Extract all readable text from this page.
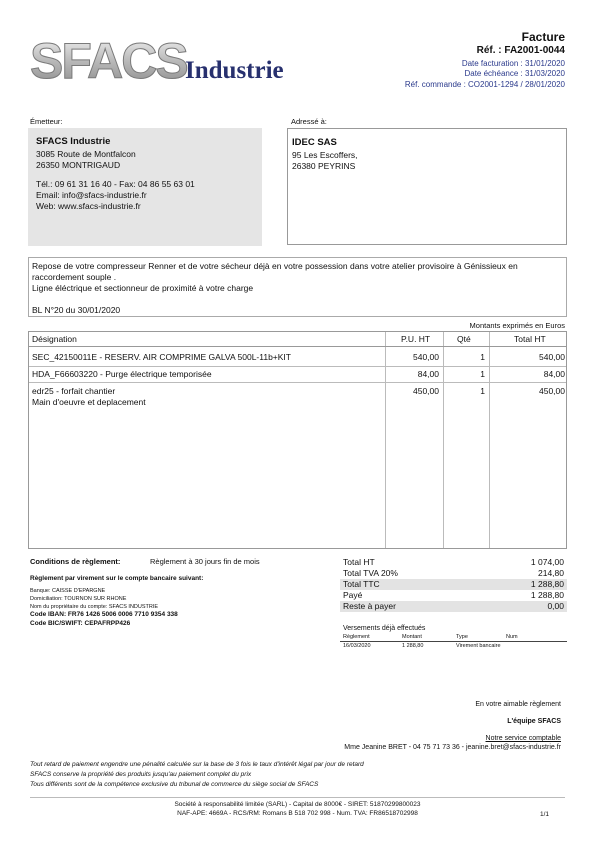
SFACS
Industrie
Facture
Réf. : FA2001-0044
Date facturation : 31/01/2020
Date échéance : 31/03/2020
Réf. commande : CO2001-1294 / 28/01/2020
Émetteur:
SFACS Industrie
3085 Route de Montfalcon
26350 MONTRIGAUD
Tél.: 09 61 31 16 40 - Fax: 04 86 55 63 01
Email: info@sfacs-industrie.fr
Web: www.sfacs-industrie.fr
Adressé à:
IDEC SAS
95 Les Escoffers,
26380 PEYRINS
Repose de votre compresseur Renner et de votre sécheur déjà en votre possession dans votre atelier provisoire à Génissieux en
raccordement souple .
Ligne éléctrique et sectionneur de proximité à votre charge
BL N°20 du 30/01/2020
Montants exprimés en Euros
Désignation	P.U. HT	Qté	Total HT
SEC_42150011E - RESERV. AIR COMPRIME GALVA 500L-11b+KIT	540,00	1	540,00
HDA_F66603220 - Purge électrique temporisée	84,00	1	84,00
edr25 - forfait chantier
Main d'oeuvre et deplacement
450,00	1	450,00
Conditions de règlement:	Règlement à 30 jours fin de mois
Règlement par virement sur le compte bancaire suivant:
Banque: CAISSE D'EPARGNE
Domiciliation: TOURNON SUR RHONE
Nom du propriétaire du compte: SFACS INDUSTRIE
Code IBAN: FR76 1426 5006 0006 7710 9354 338
Code BIC/SWIFT: CEPAFRPP426
Total HT	1 074,00
Total TVA 20%	214,80
Total TTC	1 288,80
Payé	1 288,80
Reste à payer	0,00
Versements déjà effectués
Règlement	Montant	Type	Num
16/03/2020	1 288,80	Virement bancaire
En votre aimable règlement
L'équipe SFACS
Notre service comptable
Mme Jeanine BRET - 04 75 71 73 36 - jeanine.bret@sfacs-industrie.fr
Tout retard de paiement engendre une pénalité calculée sur la base de 3 fois le taux d'intérêt légal par jour de retard
SFACS conserve la propriété des produits jusqu'au paiement complet du prix
Tous différents sont de la compétence exclusive du tribunal de commerce du siège social de SFACS
Société à responsabilité limitée (SARL) - Capital de 8000€ - SIRET: 51870299800023
NAF-APE: 4669A - RCS/RM: Romans B 518 702 998 - Num. TVA: FR86518702998	1/1
